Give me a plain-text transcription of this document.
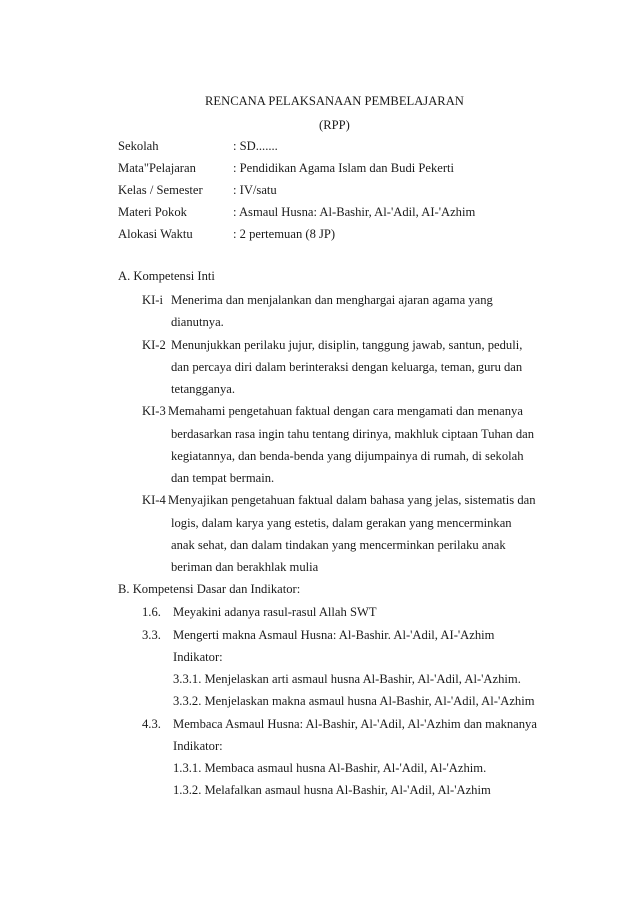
RENCANA PELAKSANAAN PEMBELAJARAN
(RPP)
Sekolah	: SD.......
Mata"Pelajaran	: Pendidikan Agama Islam dan Budi Pekerti
Kelas / Semester : IV/satu
Materi Pokok	: Asmaul Husna: Al-Bashir, Al-'Adil, AI-'Azhim
Alokasi Waktu	: 2 pertemuan (8 JP)
A. Kompetensi Inti
KI-i Menerima dan menjalankan dan menghargai ajaran agama yang
dianutnya.
KI-2 Menunjukkan perilaku jujur, disiplin, tanggung jawab, santun, peduli,
dan percaya diri dalam berinteraksi dengan keluarga, teman, guru dan
tetangganya.
KI-3 Memahami pengetahuan faktual dengan cara mengamati dan menanya
berdasarkan rasa ingin tahu tentang dirinya, makhluk ciptaan Tuhan dan
kegiatannya, dan benda-benda yang dijumpainya di rumah, di sekolah
dan tempat bermain.
KI-4 Menyajikan pengetahuan faktual dalam bahasa yang jelas, sistematis dan
logis, dalam karya yang estetis, dalam gerakan yang mencerminkan
anak sehat, dan dalam tindakan yang mencerminkan perilaku anak
beriman dan berakhlak mulia
B. Kompetensi Dasar dan Indikator:
1.6. Meyakini adanya rasul-rasul Allah SWT
3.3. Mengerti makna Asmaul Husna: Al-Bashir. Al-'Adil, AI-'Azhim
Indikator:
3.3.1. Menjelaskan arti asmaul husna Al-Bashir, Al-'Adil, Al-'Azhim.
3.3.2. Menjelaskan makna asmaul husna Al-Bashir, Al-'Adil, Al-'Azhim
4.3. Membaca Asmaul Husna: Al-Bashir, Al-'Adil, Al-'Azhim dan maknanya
Indikator:
1.3.1. Membaca asmaul husna Al-Bashir, Al-'Adil, Al-'Azhim.
1.3.2. Melafalkan asmaul husna Al-Bashir, Al-'Adil, Al-'Azhim
